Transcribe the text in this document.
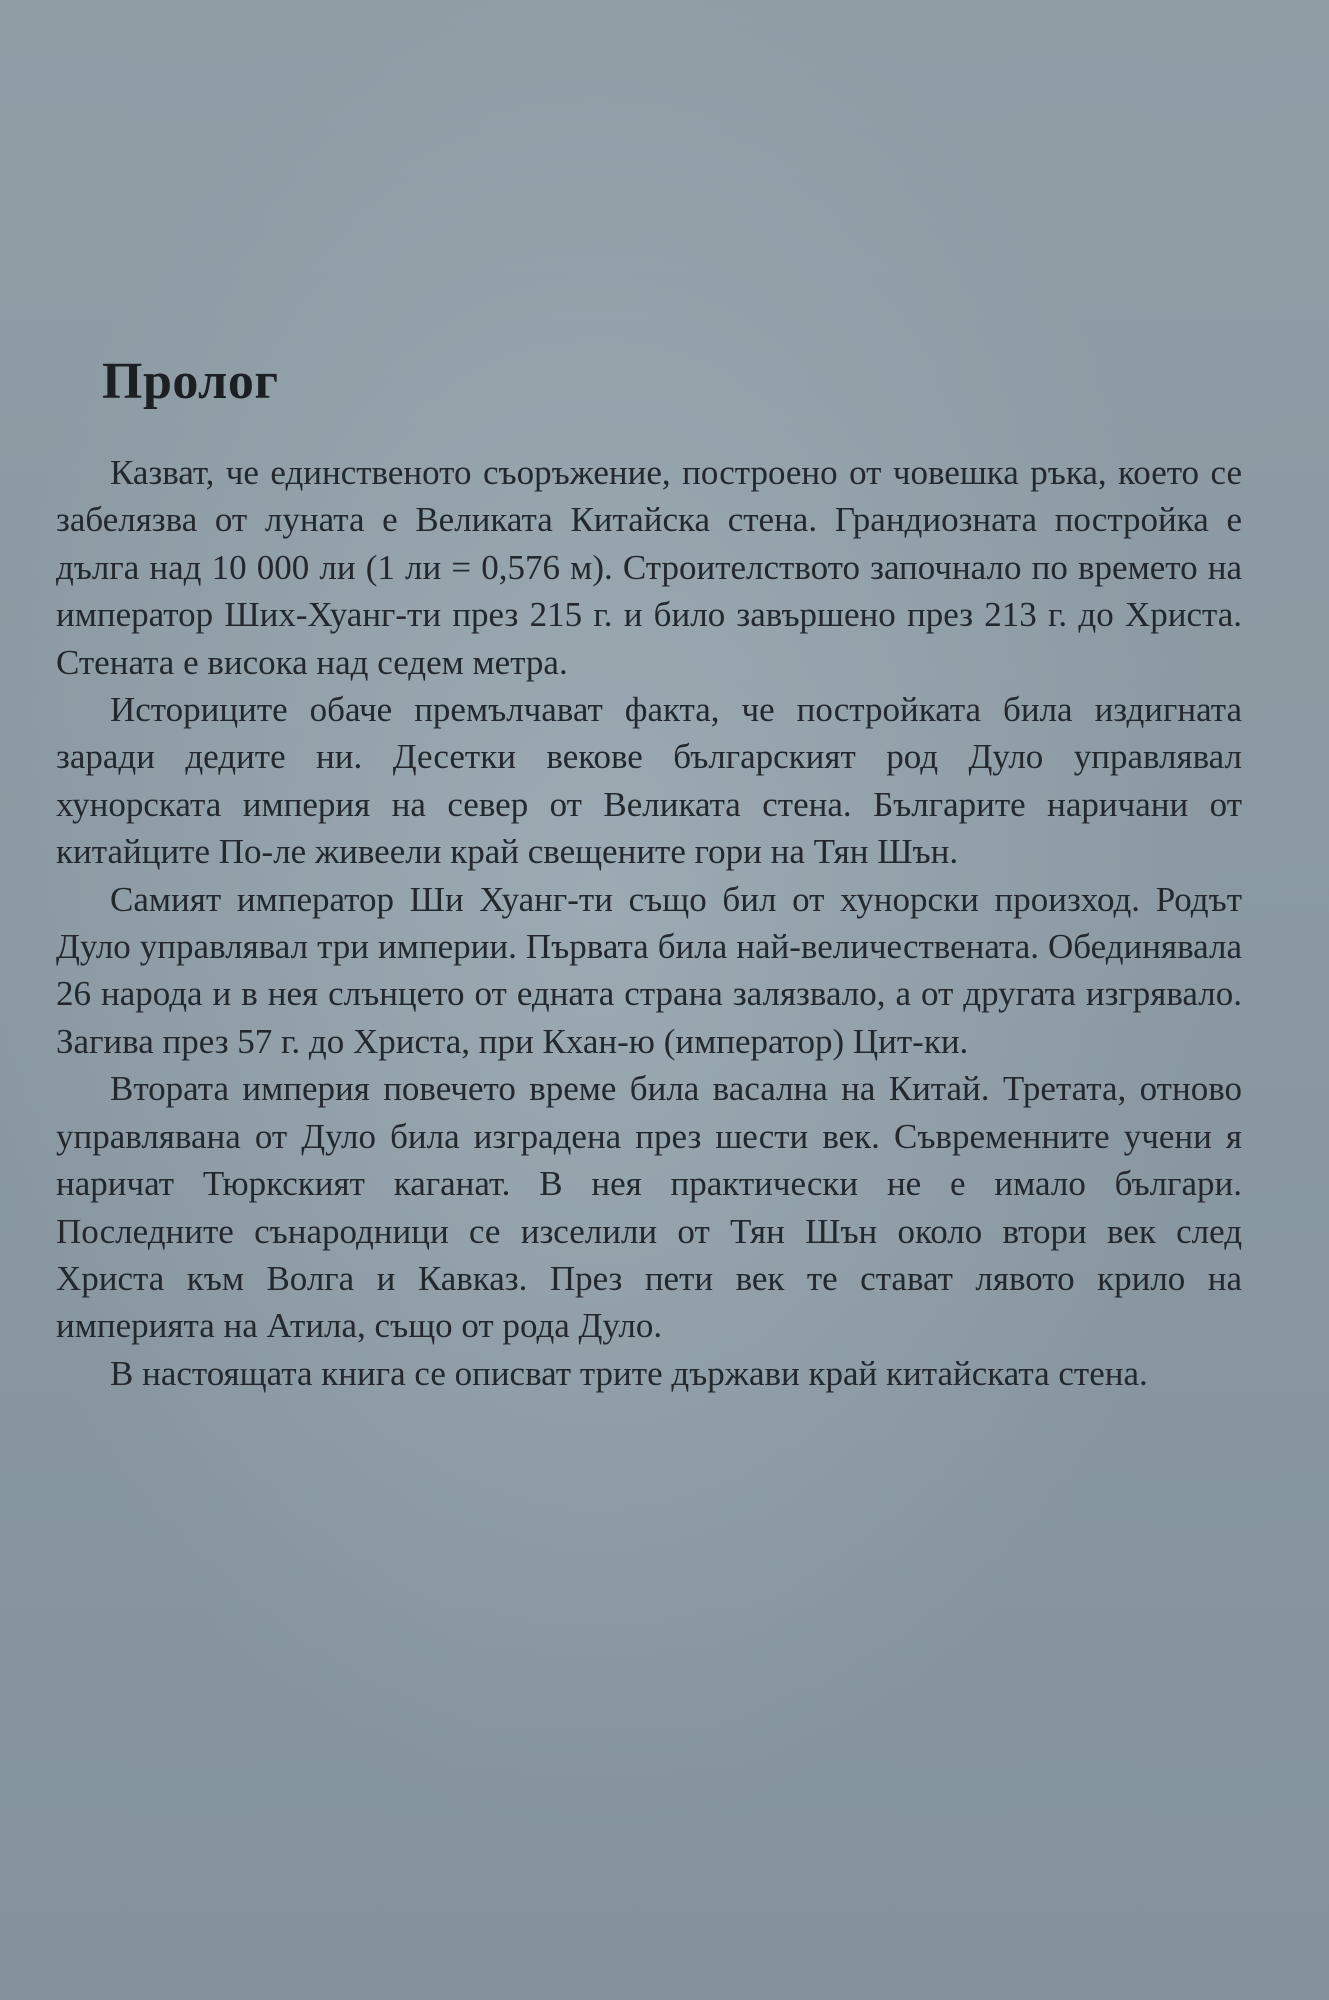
Пролог

Казват, че единственото съоръжение, построено от човешка ръка, което се забелязва от луната е Великата Китайска стена. Грандиозната постройка е дълга над 10 000 ли (1 ли = 0,576 м). Строителството започнало по времето на император Ших-Хуанг-ти през 215 г. и било завършено през 213 г. до Христа. Стената е висока над седем метра.

Историците обаче премълчават факта, че постройката била издигната заради дедите ни. Десетки векове българският род Дуло управлявал хунорската империя на север от Великата стена. Българите наричани от китайците По-ле живеели край свещените гори на Тян Шън.

Самият император Ши Хуанг-ти също бил от хунорски произход. Родът Дуло управлявал три империи. Първата била най-величествената. Обединявала 26 народа и в нея слънцето от едната страна залязвало, а от другата изгрявало. Загива през 57 г. до Христа, при Кхан-ю (император) Цит-ки.

Втората империя повечето време била васална на Китай. Третата, отново управлявана от Дуло била изградена през шести век. Съвременните учени я наричат Тюркският каганат. В нея практически не е имало българи. Последните сънародници се изселили от Тян Шън около втори век след Христа към Волга и Кавказ. През пети век те стават лявото крило на империята на Атила, също от рода Дуло.

В настоящата книга се описват трите държави край китайската стена.
